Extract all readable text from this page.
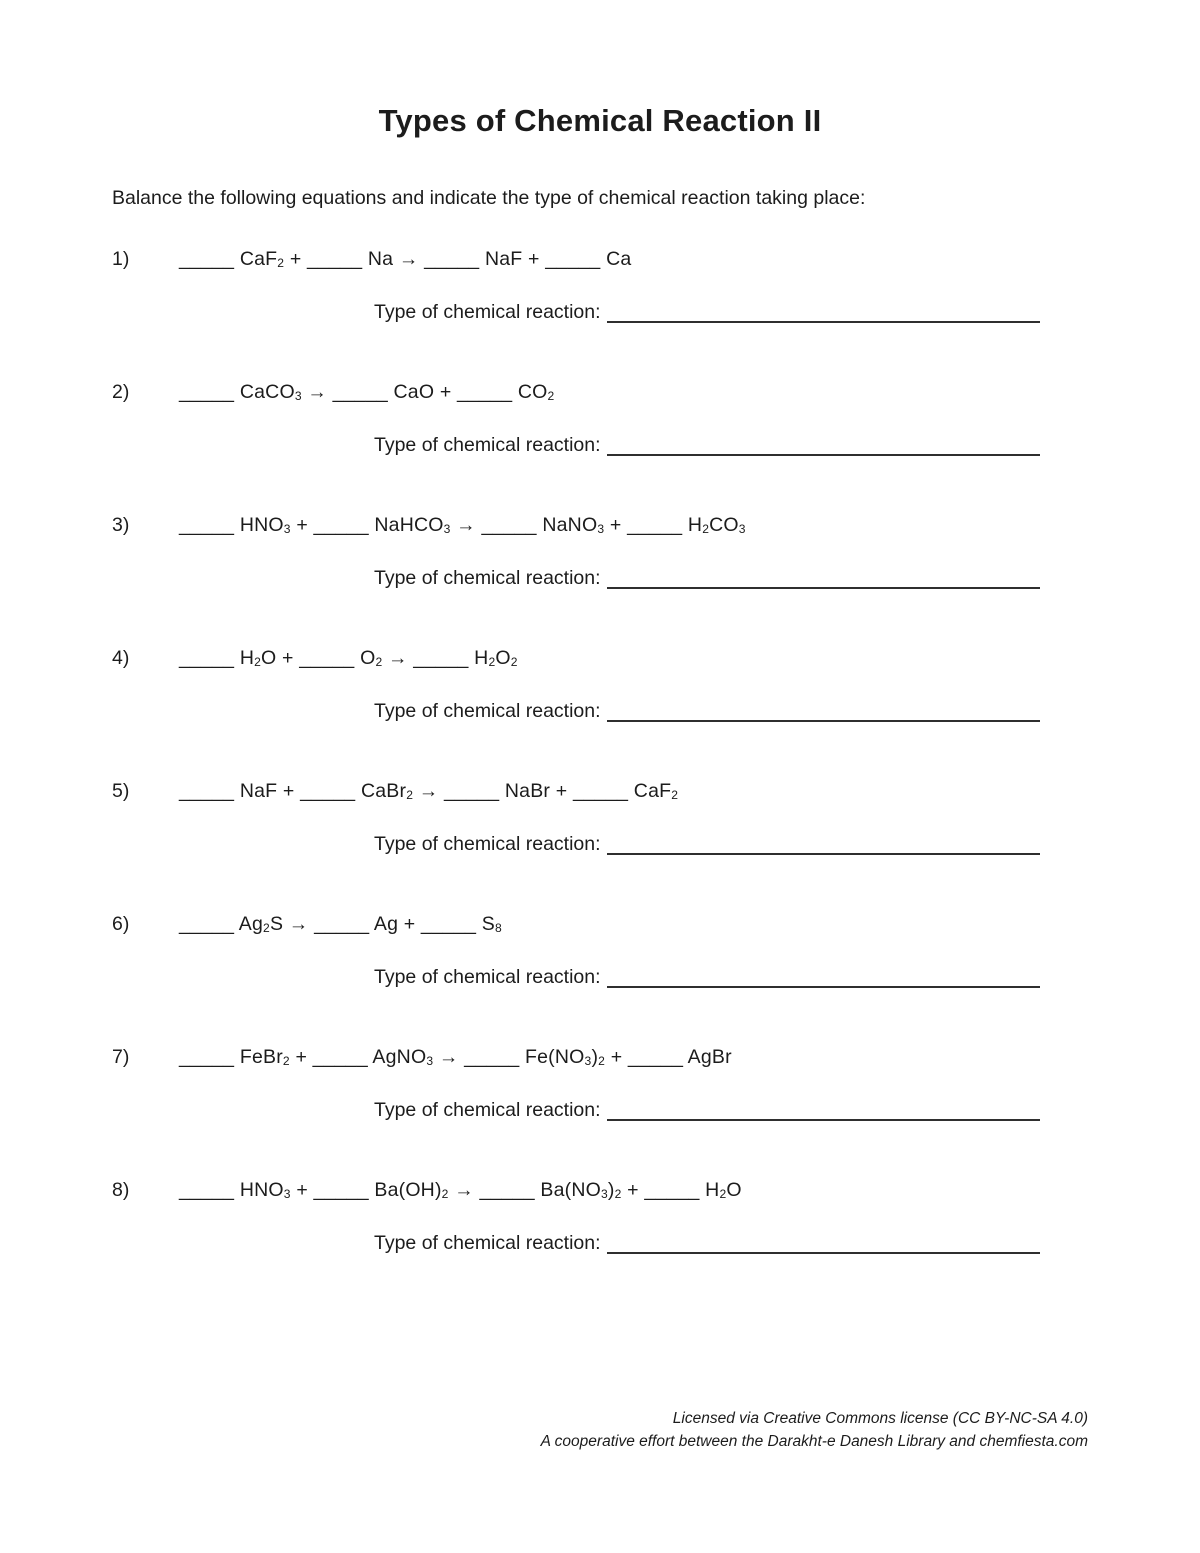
Types of Chemical Reaction II
Balance the following equations and indicate the type of chemical reaction taking place:
1)	_____ CaF2 + _____ Na → _____ NaF + _____ Ca
Type of chemical reaction:
2)	_____ CaCO3 → _____ CaO + _____ CO2
Type of chemical reaction:
3)	_____ HNO3 + _____ NaHCO3 → _____ NaNO3 + _____ H2CO3
Type of chemical reaction:
4)	_____ H2O + _____ O2 → _____ H2O2
Type of chemical reaction:
5)	_____ NaF + _____ CaBr2 → _____ NaBr + _____ CaF2
Type of chemical reaction:
6)	_____ Ag2S → _____ Ag + _____ S8
Type of chemical reaction:
7)	_____ FeBr2 + _____ AgNO3 → _____ Fe(NO3)2 + _____ AgBr
Type of chemical reaction:
8)	_____ HNO3 + _____ Ba(OH)2 → _____ Ba(NO3)2 + _____ H2O
Type of chemical reaction:
Licensed via Creative Commons license (CC BY-NC-SA 4.0)
A cooperative effort between the Darakht-e Danesh Library and chemfiesta.com
